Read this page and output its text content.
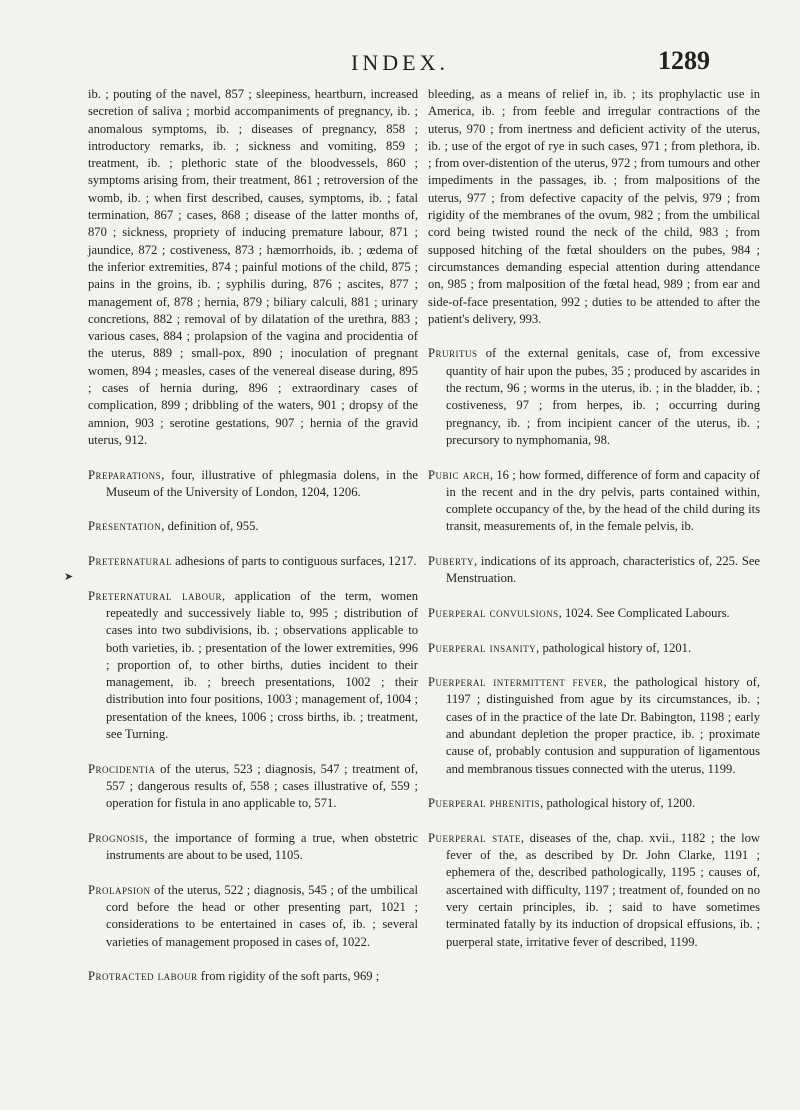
INDEX.	1289
➤

ib. ; pouting of the navel, 857 ; sleepiness, heartburn, increased secretion of saliva ; morbid accompaniments of pregnancy, ib. ; anomalous symptoms, ib. ; diseases of pregnancy, 858 ; introductory remarks, ib. ; sickness and vomiting, 859 ; treatment, ib. ; plethoric state of the bloodvessels, 860 ; symptoms arising from, their treatment, 861 ; retroversion of the womb, ib. ; when first described, causes, symptoms, ib. ; fatal termination, 867 ; cases, 868 ; disease of the latter months of, 870 ; sickness, propriety of inducing premature labour, 871 ; jaundice, 872 ; costiveness, 873 ; hæmorrhoids, ib. ; œdema of the inferior extremities, 874 ; painful motions of the child, 875 ; pains in the groins, ib. ; syphilis during, 876 ; ascites, 877 ; management of, 878 ; hernia, 879 ; biliary calculi, 881 ; urinary concretions, 882 ; removal of by dilatation of the urethra, 883 ; various cases, 884 ; prolapsion of the vagina and procidentia of the uterus, 889 ; small-pox, 890 ; inoculation of pregnant women, 894 ; measles, cases of the venereal disease during, 895 ; cases of hernia during, 896 ; extraordinary cases of complication, 899 ; dribbling of the waters, 901 ; dropsy of the amnion, 903 ; serotine gestations, 907 ; hernia of the gravid uterus, 912.

Preparations, four, illustrative of phlegmasia dolens, in the Museum of the University of London, 1204, 1206.

Presentation, definition of, 955.

Preternatural adhesions of parts to contiguous surfaces, 1217.

Preternatural labour, application of the term, women repeatedly and successively liable to, 995 ; distribution of cases into two subdivisions, ib. ; observations applicable to both varieties, ib. ; presentation of the lower extremities, 996 ; proportion of, to other births, duties incident to their management, ib. ; breech presentations, 1002 ; their distribution into four positions, 1003 ; management of, 1004 ; presentation of the knees, 1006 ; cross births, ib. ; treatment, see Turning.

Procidentia of the uterus, 523 ; diagnosis, 547 ; treatment of, 557 ; dangerous results of, 558 ; cases illustrative of, 559 ; operation for fistula in ano applicable to, 571.

Prognosis, the importance of forming a true, when obstetric instruments are about to be used, 1105.

Prolapsion of the uterus, 522 ; diagnosis, 545 ; of the umbilical cord before the head or other presenting part, 1021 ; considerations to be entertained in cases of, ib. ; several varieties of management proposed in cases of, 1022.

Protracted labour from rigidity of the soft parts, 969 ;

bleeding, as a means of relief in, ib. ; its prophylactic use in America, ib. ; from feeble and irregular contractions of the uterus, 970 ; from inertness and deficient activity of the uterus, ib. ; use of the ergot of rye in such cases, 971 ; from plethora, ib. ; from over-distention of the uterus, 972 ; from tumours and other impediments in the passages, ib. ; from malpositions of the uterus, 977 ; from defective capacity of the pelvis, 979 ; from rigidity of the membranes of the ovum, 982 ; from the umbilical cord being twisted round the neck of the child, 983 ; from supposed hitching of the fœtal shoulders on the pubes, 984 ; circumstances demanding especial attention during attendance on, 985 ; from malposition of the fœtal head, 989 ; from ear and side-of-face presentation, 992 ; duties to be attended to after the patient's delivery, 993.

Pruritus of the external genitals, case of, from excessive quantity of hair upon the pubes, 35 ; produced by ascarides in the rectum, 96 ; worms in the uterus, ib. ; in the bladder, ib. ; costiveness, 97 ; from herpes, ib. ; occurring during pregnancy, ib. ; from incipient cancer of the uterus, ib. ; precursory to nymphomania, 98.

Pubic arch, 16 ; how formed, difference of form and capacity of in the recent and in the dry pelvis, parts contained within, complete occupancy of the, by the head of the child during its transit, measurements of, in the female pelvis, ib.

Puberty, indications of its approach, characteristics of, 225. See Menstruation.

Puerperal convulsions, 1024. See Complicated Labours.

Puerperal insanity, pathological history of, 1201.

Puerperal intermittent fever, the pathological history of, 1197 ; distinguished from ague by its circumstances, ib. ; cases of in the practice of the late Dr. Babington, 1198 ; early and abundant depletion the proper practice, ib. ; proximate cause of, probably contusion and suppuration of ligamentous and membranous tissues connected with the uterus, 1199.

Puerperal phrenitis, pathological history of, 1200.

Puerperal state, diseases of the, chap. xvii., 1182 ; the low fever of the, as described by Dr. John Clarke, 1191 ; ephemera of the, described pathologically, 1195 ; causes of, ascertained with difficulty, 1197 ; treatment of, founded on no very certain principles, ib. ; said to have sometimes terminated fatally by its induction of dropsical effusions, ib. ; puerperal state, irritative fever of described, 1199.
